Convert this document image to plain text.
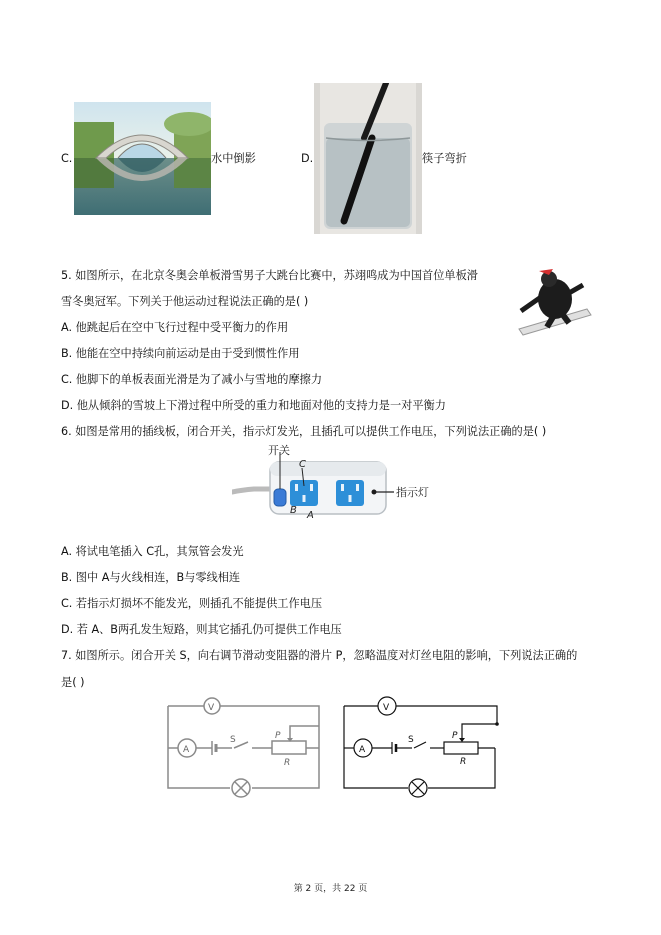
C.	水中倒影	D.	筷子弯折
5. 如图所示，在北京冬奥会单板滑雪男子大跳台比赛中，苏翊鸣成为中国首位单板滑
雪冬奥冠军。下列关于他运动过程说法正确的是( )
A. 他跳起后在空中飞行过程中受平衡力的作用
B. 他能在空中持续向前运动是由于受到惯性作用
C. 他脚下的单板表面光滑是为了减小与雪地的摩擦力
D. 他从倾斜的雪坡上下滑过程中所受的重力和地面对他的支持力是一对平衡力
6. 如图是常用的插线板，闭合开关，指示灯发光，且插孔可以提供工作电压，下列说法正确的是( )
开关
C
B A
指示灯
A. 将试电笔插入 C孔，其氖管会发光
B. 图中 A与火线相连，B与零线相连
C. 若指示灯损坏不能发光，则插孔不能提供工作电压
D. 若 A、B两孔发生短路，则其它插孔仍可提供工作电压
7. 如图所示。闭合开关 S，向右调节滑动变阻器的滑片 P，忽略温度对灯丝电阻的影响，下列说法正确的
是( )
V
A
S	P
R
V
A
S	P
R
第 2 页，共 22 页
